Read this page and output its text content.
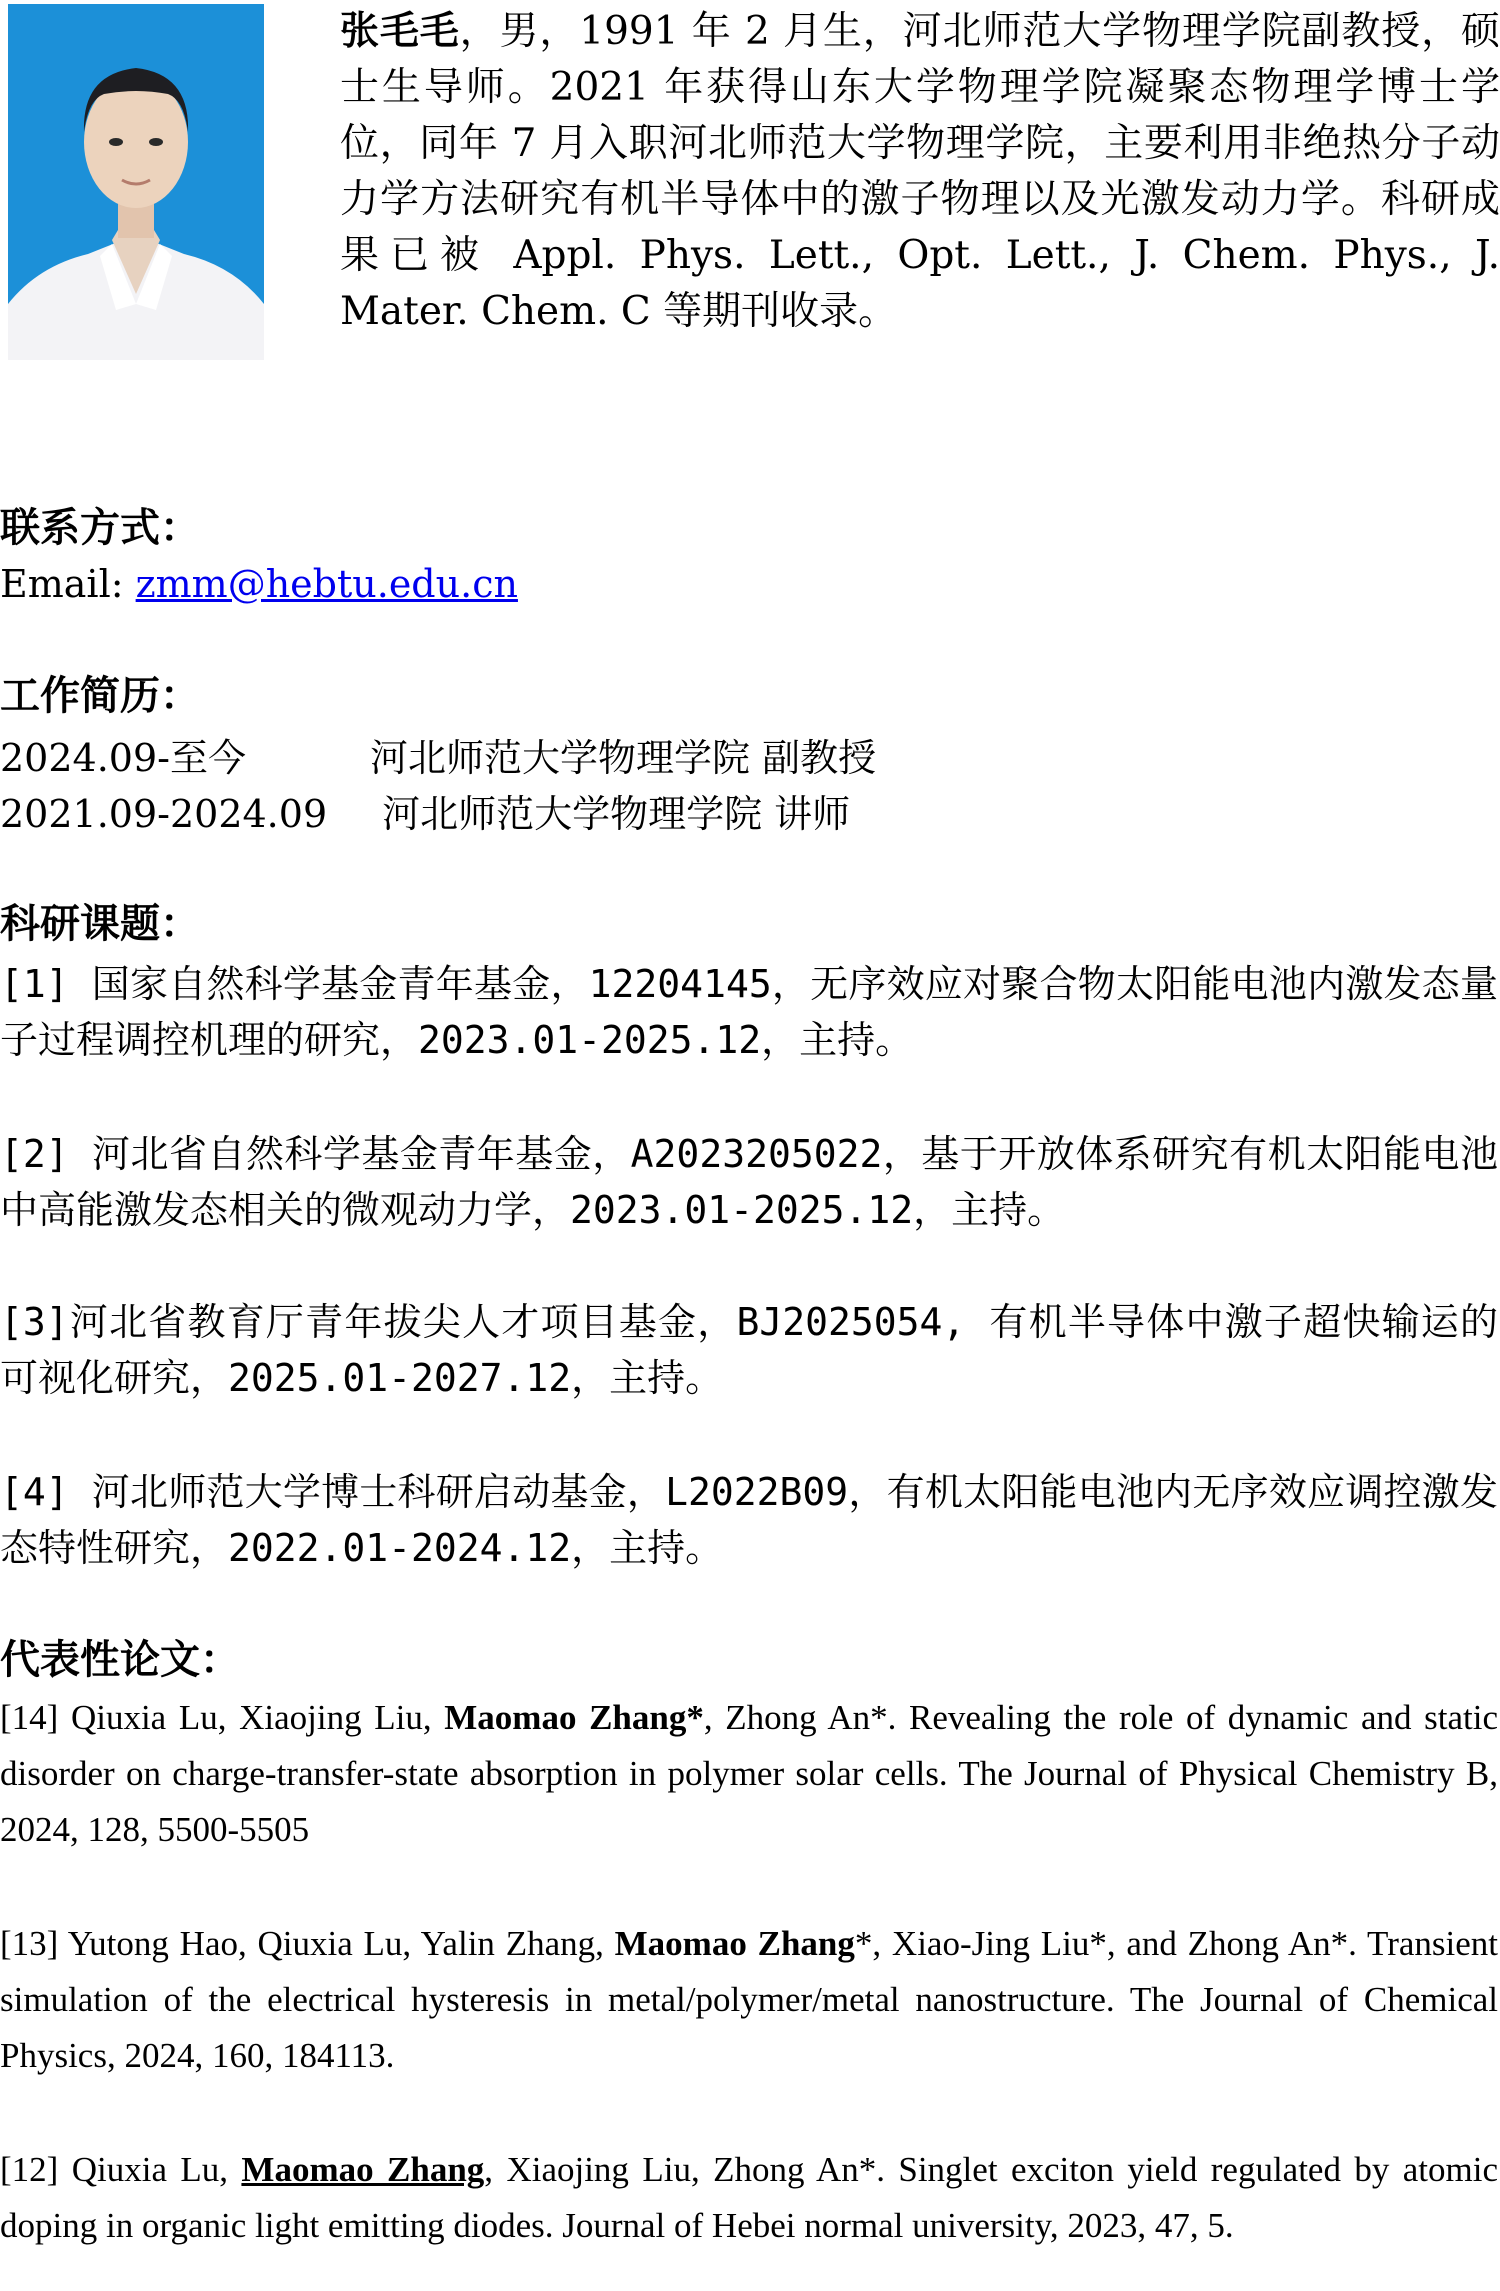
张毛毛，男，1991 年 2 月生，河北师范大学物理学院副教授，硕士生导师。2021 年获得山东大学物理学院凝聚态物理学博士学位，同年 7 月入职河北师范大学物理学院，主要利用非绝热分子动力学方法研究有机半导体中的激子物理以及光激发动力学。科研成果已被 Appl. Phys. Lett., Opt. Lett., J. Chem. Phys., J. Mater. Chem. C 等期刊收录。
联系方式：
Email: zmm@hebtu.edu.cn
工作简历：
2024.09-至今	河北师范大学物理学院 副教授
2021.09-2024.09 河北师范大学物理学院 讲师
科研课题：
[1] 国家自然科学基金青年基金，12204145，无序效应对聚合物太阳能电池内激发态量子过程调控机理的研究，2023.01-2025.12，主持。
[2] 河北省自然科学基金青年基金，A2023205022，基于开放体系研究有机太阳能电池中高能激发态相关的微观动力学，2023.01-2025.12，主持。
[3]河北省教育厅青年拔尖人才项目基金，BJ2025054, 有机半导体中激子超快输运的可视化研究，2025.01-2027.12，主持。
[4] 河北师范大学博士科研启动基金，L2022B09，有机太阳能电池内无序效应调控激发态特性研究，2022.01-2024.12，主持。
代表性论文：
[14] Qiuxia Lu, Xiaojing Liu, Maomao Zhang*, Zhong An*. Revealing the role of dynamic and static disorder on charge-transfer-state absorption in polymer solar cells. The Journal of Physical Chemistry B, 2024, 128, 5500-5505
[13] Yutong Hao, Qiuxia Lu, Yalin Zhang, Maomao Zhang*, Xiao-Jing Liu*, and Zhong An*. Transient simulation of the electrical hysteresis in metal/polymer/metal nanostructure. The Journal of Chemical Physics, 2024, 160, 184113.
[12] Qiuxia Lu, Maomao Zhang, Xiaojing Liu, Zhong An*. Singlet exciton yield regulated by atomic doping in organic light emitting diodes. Journal of Hebei normal university, 2023, 47, 5.
